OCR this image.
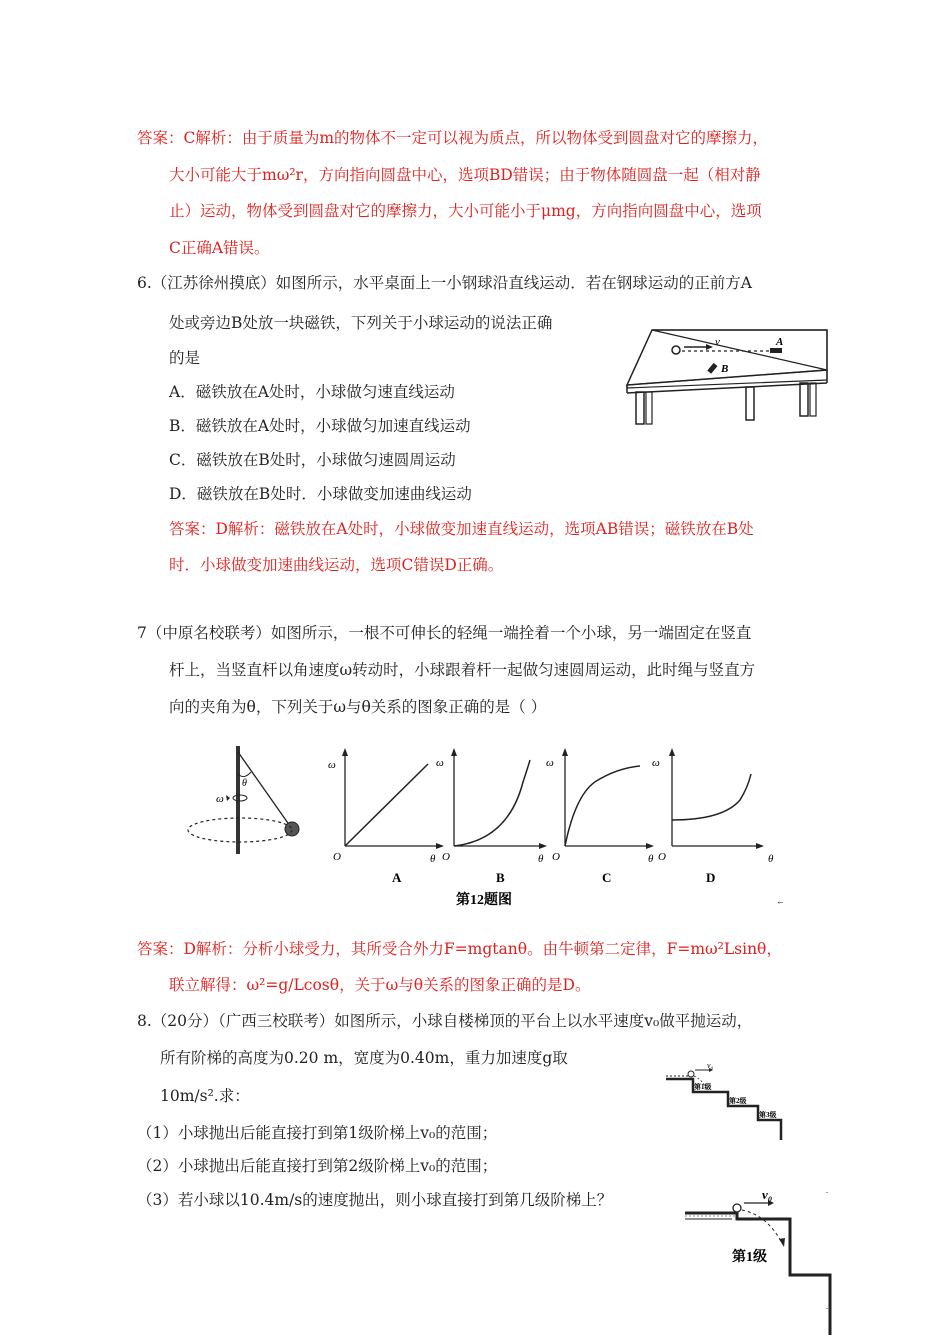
答案：C解析：由于质量为m的物体不一定可以视为质点，所以物体受到圆盘对它的摩擦力，
大小可能大于mω²r，方向指向圆盘中心，选项BD错误；由于物体随圆盘一起（相对静
止）运动，物体受到圆盘对它的摩擦力，大小可能小于μmg，方向指向圆盘中心，选项
C正确A错误。
6.（江苏徐州摸底）如图所示，水平桌面上一小钢球沿直线运动．若在钢球运动的正前方A
处或旁边B处放一块磁铁，下列关于小球运动的说法正确
的是
A．磁铁放在A处时，小球做匀速直线运动
B．磁铁放在A处时，小球做匀加速直线运动
C．磁铁放在B处时，小球做匀速圆周运动
D．磁铁放在B处时．小球做变加速曲线运动
答案：D解析：磁铁放在A处时，小球做变加速直线运动，选项AB错误；磁铁放在B处
时．小球做变加速曲线运动，选项C错误D正确。
v	A
B
7（中原名校联考）如图所示，一根不可伸长的轻绳一端拴着一个小球，另一端固定在竖直
杆上，当竖直杆以角速度ω转动时，小球跟着杆一起做匀速圆周运动，此时绳与竖直方
向的夹角为θ，下列关于ω与θ关系的图象正确的是（ ）
θ
ω
ω
O	θ
A
ω
O	θ
B
ω
O	θ
C
ω
O	θ
D
第12题图	←
答案：D解析：分析小球受力，其所受合外力F=mgtanθ。由牛顿第二定律，F=mω²Lsinθ，
联立解得：ω²=g/Lcosθ，关于ω与θ关系的图象正确的是D。
8.（20分）（广西三校联考）如图所示，小球自楼梯顶的平台上以水平速度v₀做平抛运动，
所有阶梯的高度为0.20 m，宽度为0.40m，重力加速度g取
10m/s².求：
（1）小球抛出后能直接打到第1级阶梯上v₀的范围；
（2）小球抛出后能直接打到第2级阶梯上v₀的范围；
（3）若小球以10.4m/s的速度抛出，则小球直接打到第几级阶梯上？
v₀
第1级
第2级
第3级
v₀
第1级
.
.
